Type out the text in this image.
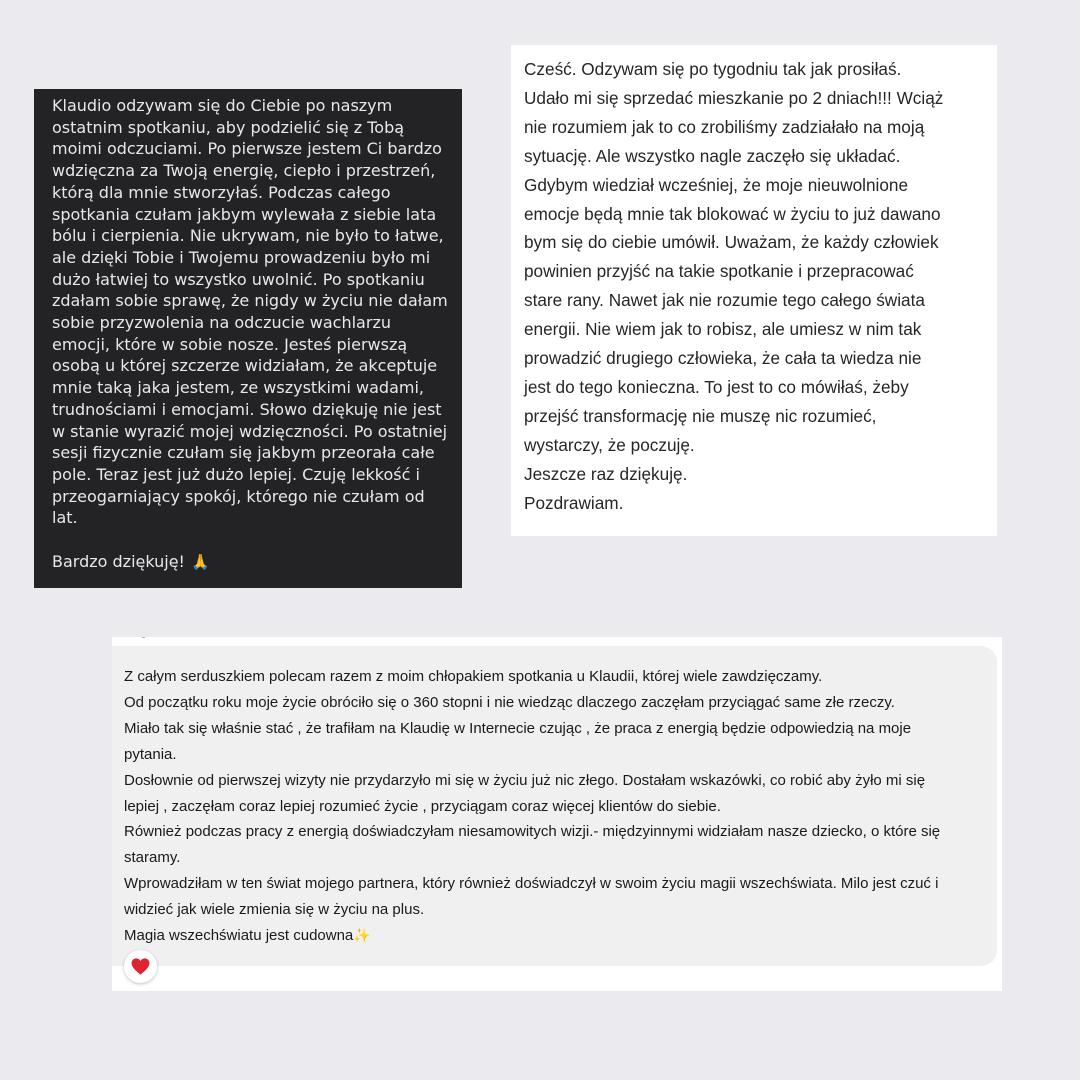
Klaudio odzywam się do Ciebie po naszym ostatnim spotkaniu, aby podzielić się z Tobą moimi odczuciami. Po pierwsze jestem Ci bardzo wdzięczna za Twoją energię, ciepło i przestrzeń, którą dla mnie stworzyłaś. Podczas całego spotkania czułam jakbym wylewała z siebie lata bólu i cierpienia. Nie ukrywam, nie było to łatwe, ale dzięki Tobie i Twojemu prowadzeniu było mi dużo łatwiej to wszystko uwolnić. Po spotkaniu zdałam sobie sprawę, że nigdy w życiu nie dałam sobie przyzwolenia na odczucie wachlarzu emocji, które w sobie nosze. Jesteś pierwszą osobą u której szczerze widziałam, że akceptuje mnie taką jaka jestem, ze wszystkimi wadami, trudnościami i emocjami. Słowo dziękuję nie jest w stanie wyrazić mojej wdzięczności. Po ostatniej sesji fizycznie czułam się jakbym przeorała całe pole. Teraz jest już dużo lepiej. Czuję lekkość i przeogarniający spokój, którego nie czułam od lat.

Bardzo dziękuję! 🙏
Cześć. Odzywam się po tygodniu tak jak prosiłaś.
Udało mi się sprzedać mieszkanie po 2 dniach!!! Wciąż
nie rozumiem jak to co zrobiliśmy zadziałało na moją
sytuację. Ale wszystko nagle zaczęło się układać.
Gdybym wiedział wcześniej, że moje nieuwolnione
emocje będą mnie tak blokować w życiu to już dawano
bym się do ciebie umówił. Uważam, że każdy człowiek
powinien przyjść na takie spotkanie i przepracować
stare rany. Nawet jak nie rozumie tego całego świata
energii. Nie wiem jak to robisz, ale umiesz w nim tak
prowadzić drugiego człowieka, że cała ta wiedza nie
jest do tego konieczna. To jest to co mówiłaś, żeby
przejść transformację nie muszę nic rozumieć,
wystarczy, że poczuję.
Jeszcze raz dziękuję.
Pozdrawiam.
Z całym serduszkiem polecam razem z moim chłopakiem spotkania u Klaudii, której wiele zawdzięczamy.
Od początku roku moje życie obróciło się o 360 stopni i nie wiedząc dlaczego zaczęłam przyciągać same złe rzeczy.
Miało tak się właśnie stać , że trafiłam na Klaudię w Internecie czując , że praca z energią będzie odpowiedzią na moje
pytania.
Dosłownie od pierwszej wizyty nie przydarzyło mi się w życiu już nic złego. Dostałam wskazówki, co robić aby żyło mi się
lepiej , zaczęłam coraz lepiej rozumieć życie , przyciągam coraz więcej klientów do siebie.
Również podczas pracy z energią doświadczyłam niesamowitych wizji.- międzyinnymi widziałam nasze dziecko, o które się
staramy.
Wprowadziłam w ten świat mojego partnera, który również doświadczył w swoim życiu magii wszechświata. Milo jest czuć i
widzieć jak wiele zmienia się w życiu na plus.
Magia wszechświatu jest cudowna✨
